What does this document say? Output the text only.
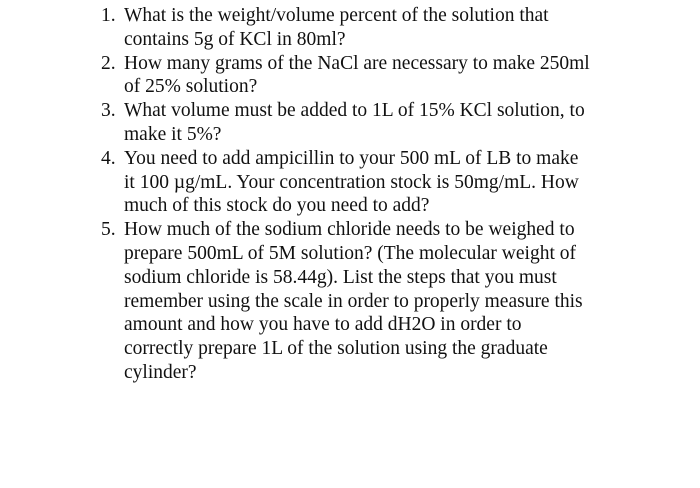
1. What is the weight/volume percent of the solution that
contains 5g of KCl in 80ml?
2. How many grams of the NaCl are necessary to make 250ml
of 25% solution?
3. What volume must be added to 1L of 15% KCl solution, to
make it 5%?
4. You need to add ampicillin to your 500 mL of LB to make
it 100 µg/mL. Your concentration stock is 50mg/mL. How
much of this stock do you need to add?
5. How much of the sodium chloride needs to be weighed to
prepare 500mL of 5M solution? (The molecular weight of
sodium chloride is 58.44g). List the steps that you must
remember using the scale in order to properly measure this
amount and how you have to add dH2O in order to
correctly prepare 1L of the solution using the graduate
cylinder?
